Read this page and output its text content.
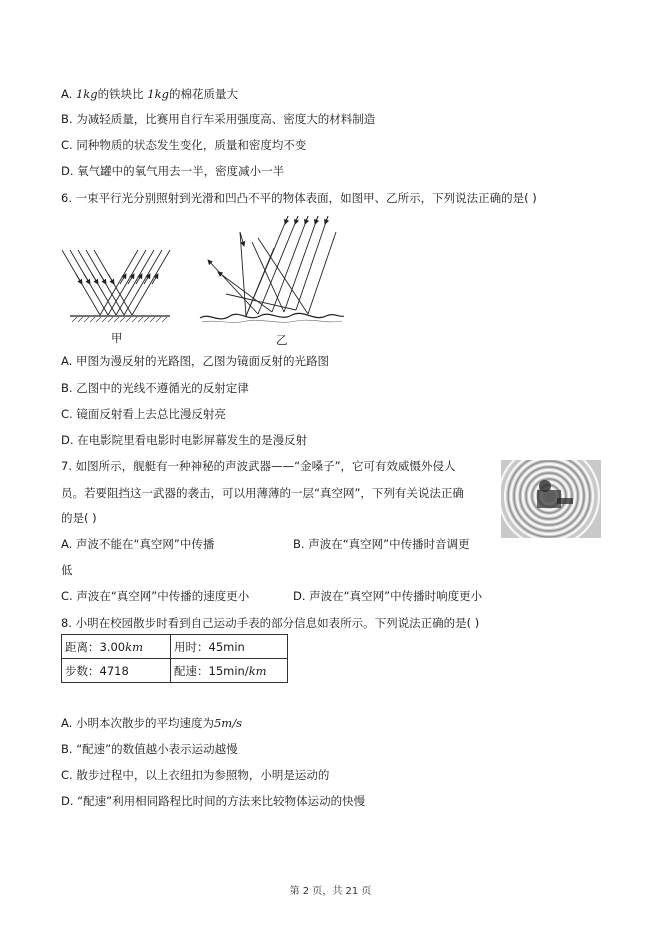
A. 1kg的铁块比 1kg的棉花质量大
B. 为减轻质量，比赛用自行车采用强度高、密度大的材料制造
C. 同种物质的状态发生变化，质量和密度均不变
D. 氧气罐中的氧气用去一半，密度减小一半
6. 一束平行光分别照射到光滑和凹凸不平的物体表面，如图甲、乙所示，下列说法正确的是( )
甲	乙
A. 甲图为漫反射的光路图，乙图为镜面反射的光路图
B. 乙图中的光线不遵循光的反射定律
C. 镜面反射看上去总比漫反射亮
D. 在电影院里看电影时电影屏幕发生的是漫反射
7. 如图所示，舰艇有一种神秘的声波武器——“金嗓子”，它可有效威慑外侵人
员。若要阻挡这一武器的袭击，可以用薄薄的一层“真空网”，下列有关说法正确
的是( )
A. 声波不能在“真空网”中传播	B. 声波在“真空网”中传播时音调更
低
C. 声波在“真空网”中传播的速度更小	D. 声波在“真空网”中传播时响度更小
8. 小明在校园散步时看到自己运动手表的部分信息如表所示。下列说法正确的是( )
距离：3.00km	用时：45min
步数：4718	配速：15min/km
A. 小明本次散步的平均速度为5m/s
B. “配速”的数值越小表示运动越慢
C. 散步过程中，以上衣纽扣为参照物，小明是运动的
D. “配速”利用相同路程比时间的方法来比较物体运动的快慢
第 2 页，共 21 页
